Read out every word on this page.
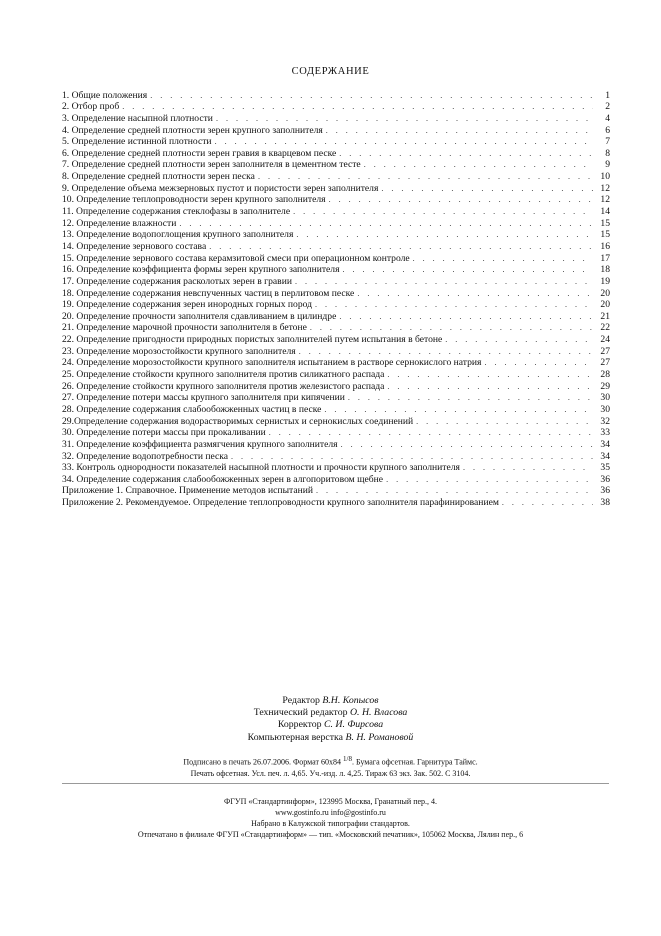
СОДЕРЖАНИЕ
1. Общие положения . . .	1
2. Отбор проб . . .	2
3. Определение насыпной плотности . . .	4
4. Определение средней плотности зерен крупного заполнителя . . .	6
5. Определение истинной плотности . . .	7
6. Определение средней плотности зерен гравия в кварцевом песке . . .	8
7. Определение средней плотности зерен заполнителя в цементном тесте . . .	9
8. Определение средней плотности зерен песка . . .	10
9. Определение объема межзерновых пустот и пористости зерен заполнителя . . .	12
10. Определение теплопроводности зерен крупного заполнителя . . .	12
11. Определение содержания стеклофазы в заполнителе . . .	14
12. Определение влажности . . .	15
13. Определение водопоглощения крупного заполнителя . . .	15
14. Определение зернового состава . . .	16
15. Определение зернового состава керамзитовой смеси при операционном контроле . . .	17
16. Определение коэффициента формы зерен крупного заполнителя . . .	18
17. Определение содержания расколотых зерен в гравии . . .	19
18. Определение содержания невспученных частиц в перлитовом песке . . .	20
19. Определение содержания зерен инородных горных пород . . .	20
20. Определение прочности заполнителя сдавливанием в цилиндре . . .	21
21. Определение марочной прочности заполнителя в бетоне . . .	22
22. Определение пригодности природных пористых заполнителей путем испытания в бетоне . . .	24
23. Определение морозостойкости крупного заполнителя . . .	27
24. Определение морозостойкости крупного заполнителя испытанием в растворе сернокислого натрия . . .	27
25. Определение стойкости крупного заполнителя против силикатного распада . . .	28
26. Определение стойкости крупного заполнителя против железистого распада . . .	29
27. Определение потери массы крупного заполнителя при кипячении . . .	30
28. Определение содержания слабообожженных частиц в песке . . .	30
29.Определение содержания водорастворимых сернистых и сернокислых соединений . . .	32
30. Определение потери массы при прокаливании . . .	33
31. Определение коэффициента размягчения крупного заполнителя . . .	34
32. Определение водопотребности песка . . .	34
33. Контроль однородности показателей насыпной плотности и прочности крупного заполнителя . . .	35
34. Определение содержания слабообожженных зерен в алгопоритовом щебне . . .	36
Приложение 1. Справочное. Применение методов испытаний . . .	36
Приложение 2. Рекомендуемое. Определение теплопроводности крупного заполнителя парафинированием . . .	38
Редактор В.Н. Копысов
Технический редактор О. Н. Власова
Корректор С. И. Фирсова
Компьютерная верстка В. Н. Романовой
Подписано в печать 26.07.2006. Формат 60x84 $^{1/8}$. Бумага офсетная. Гарнитура Таймс.
Печать офсетная. Усл. печ. л. 4,65. Уч.-изд. л. 4,25. Тираж 63 экз. Зак. 502. С 3104.
ФГУП «Стандартинформ», 123995 Москва, Гранатный пер., 4.
www.gostinfo.ru info@gostinfo.ru
Набрано в Калужской типографии стандартов.
Отпечатано в филиале ФГУП «Стандартинформ» — тип. «Московский печатник», 105062 Москва, Лялин пер., 6
